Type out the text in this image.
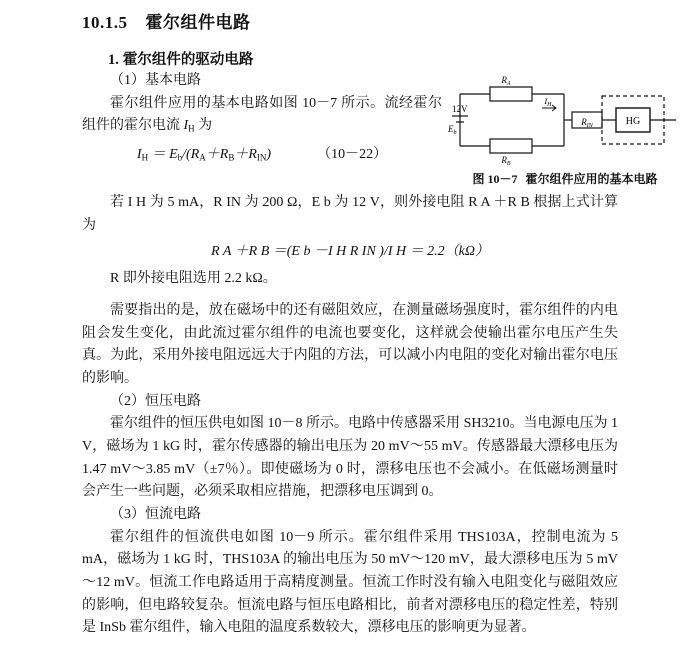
10.1.5 霍尔组件电路
1. 霍尔组件的驱动电路

（1）基本电路

霍尔组件应用的基本电路如图 10－7 所示。流经霍尔组件的霍尔电流 $I_H$ 为

$I_H = E_b/(R_A+R_B+R_{IN})$	（10－22）

$R_A$
$R_B$
$R_{IN}$
$I_H$
HG
12V
$E_b$
图 10－7 霍尔组件应用的基本电路

若 I H 为 5 mA，R IN 为 200 Ω，E b 为 12 V，则外接电阻 R A ＋R B 根据上式计算为

R A ＋R B ＝(E b －I H R IN )/I H ＝ 2.2（kΩ）

R 即外接电阻选用 2.2 kΩ。

需要指出的是，放在磁场中的还有磁阻效应，在测量磁场强度时，霍尔组件的内电阻会发生变化，由此流过霍尔组件的电流也要变化，这样就会使输出霍尔电压产生失真。为此，采用外接电阻远远大于内阻的方法，可以减小内电阻的变化对输出霍尔电压的影响。

（2）恒压电路

霍尔组件的恒压供电如图 10－8 所示。电路中传感器采用 SH3210。当电源电压为 1 V，磁场为 1 kG 时，霍尔传感器的输出电压为 20 mV～55 mV。传感器最大漂移电压为 1.47 mV～3.85 mV（±7％）。即使磁场为 0 时，漂移电压也不会减小。在低磁场测量时会产生一些问题，必须采取相应措施，把漂移电压调到 0。

（3）恒流电路

霍尔组件的恒流供电如图 10－9 所示。霍尔组件采用 THS103A，控制电流为 5 mA，磁场为 1 kG 时，THS103A 的输出电压为 50 mV～120 mV，最大漂移电压为 5 mV～12 mV。恒流工作电路适用于高精度测量。恒流工作时没有输入电阻变化与磁阻效应的影响，但电路较复杂。恒流电路与恒压电路相比，前者对漂移电压的稳定性差，特别是 InSb 霍尔组件，输入电阻的温度系数较大，漂移电压的影响更为显著。
